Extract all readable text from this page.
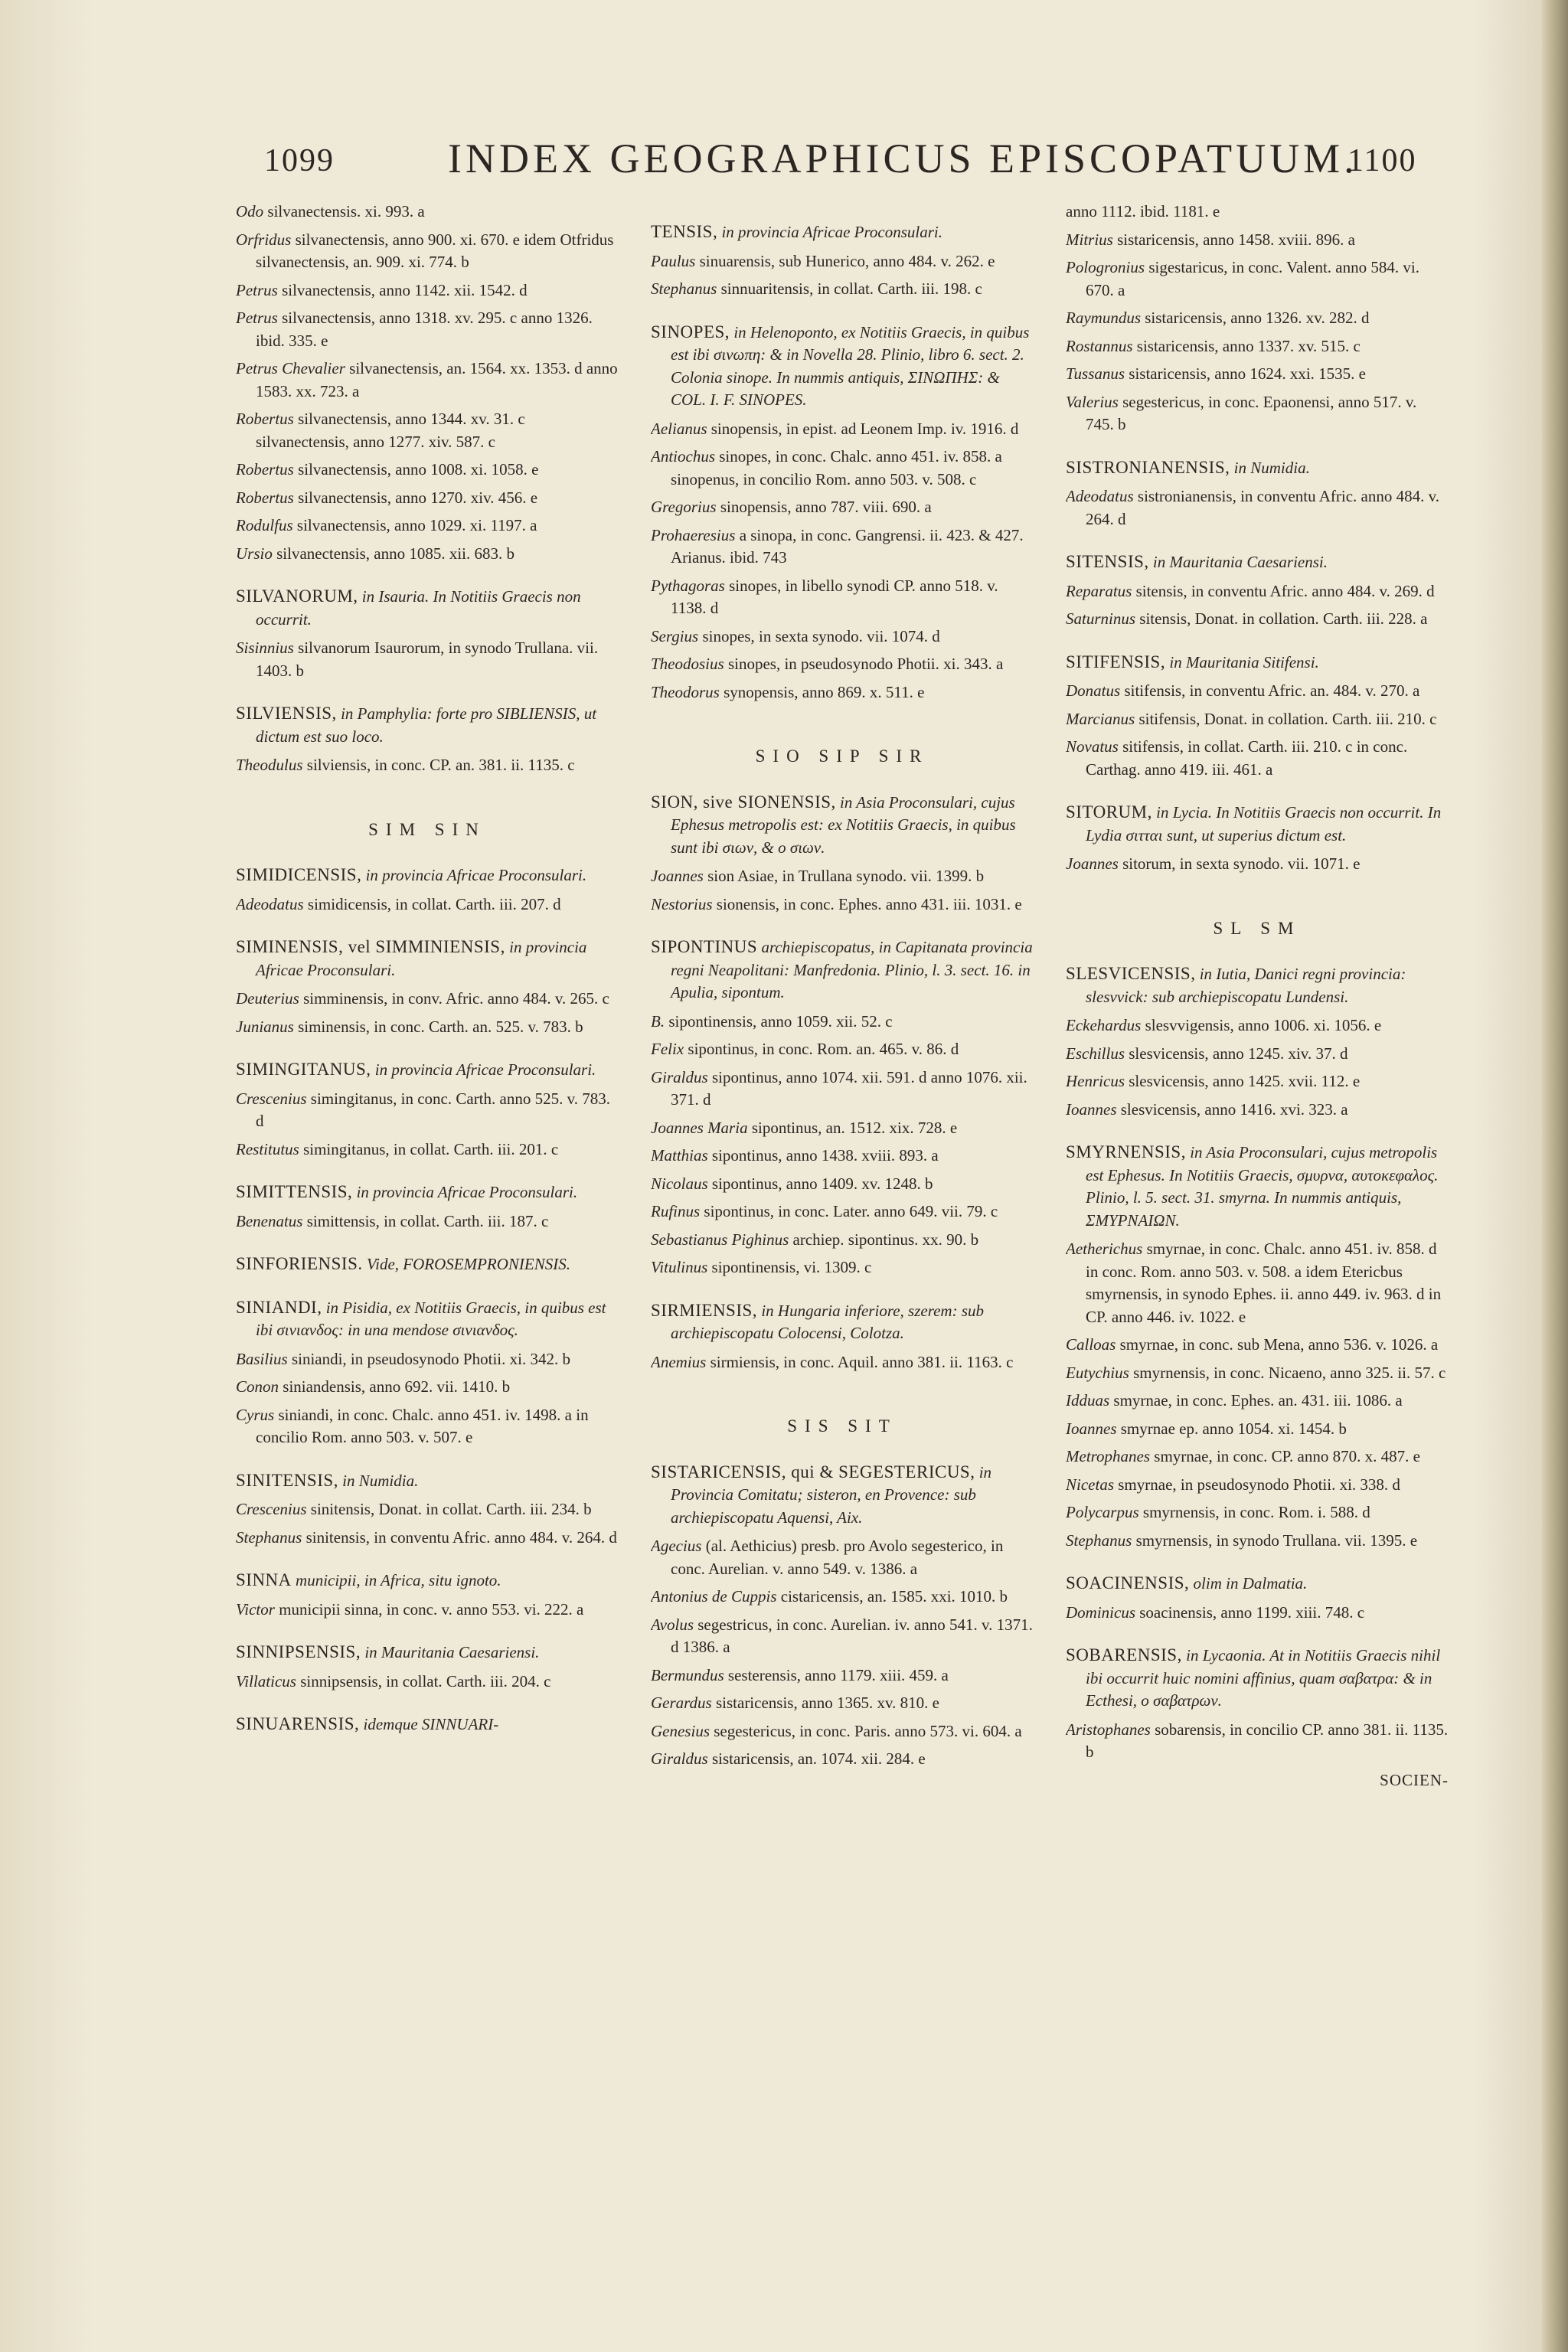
1099	INDEX GEOGRAPHICUS EPISCOPATUUM.
1100
Odo silvanectensis. xi. 993. a
Orfridus silvanectensis, anno 900. xi. 670. e idem Otfridus silvanectensis, an. 909. xi. 774. b
Petrus silvanectensis, anno 1142. xii. 1542. d
Petrus silvanectensis, anno 1318. xv. 295. c anno 1326. ibid. 335. e
Petrus Chevalier silvanectensis, an. 1564. xx. 1353. d anno 1583. xx. 723. a
Robertus silvanectensis, anno 1344. xv. 31. c silvanectensis, anno 1277. xiv. 587. c
Robertus silvanectensis, anno 1008. xi. 1058. e
Robertus silvanectensis, anno 1270. xiv. 456. e
Rodulfus silvanectensis, anno 1029. xi. 1197. a
Ursio silvanectensis, anno 1085. xii. 683. b
SILVANORUM, in Isauria. In Notitiis Graecis non occurrit.
Sisinnius silvanorum Isaurorum, in synodo Trullana. vii. 1403. b
SILVIENSIS, in Pamphylia: forte pro SIBLIENSIS, ut dictum est suo loco.
Theodulus silviensis, in conc. CP. an. 381. ii. 1135. c
SIM SIN
SIMIDICENSIS, in provincia Africae Proconsulari.
Adeodatus simidicensis, in collat. Carth. iii. 207. d
SIMINENSIS, vel SIMMINIENSIS, in provincia Africae Proconsulari.
Deuterius simminensis, in conv. Afric. anno 484. v. 265. c
Junianus siminensis, in conc. Carth. an. 525. v. 783. b
SIMINGITANUS, in provincia Africae Proconsulari.
Crescenius simingitanus, in conc. Carth. anno 525. v. 783. d
Restitutus simingitanus, in collat. Carth. iii. 201. c
SIMITTENSIS, in provincia Africae Proconsulari.
Benenatus simittensis, in collat. Carth. iii. 187. c
SINFORIENSIS. Vide, FOROSEMPRONIENSIS.
SINIANDI, in Pisidia, ex Notitiis Graecis, in quibus est ibi σινιανδος: in una mendose σινιανδος.
Basilius siniandi, in pseudosynodo Photii. xi. 342. b
Conon siniandensis, anno 692. vii. 1410. b
Cyrus siniandi, in conc. Chalc. anno 451. iv. 1498. a in concilio Rom. anno 503. v. 507. e
SINITENSIS, in Numidia.
Crescenius sinitensis, Donat. in collat. Carth. iii. 234. b
Stephanus sinitensis, in conventu Afric. anno 484. v. 264. d
SINNA municipii, in Africa, situ ignoto.
Victor municipii sinna, in conc. v. anno 553. vi. 222. a
SINNIPSENSIS, in Mauritania Caesariensi.
Villaticus sinnipsensis, in collat. Carth. iii. 204. c
SINUARENSIS, idemque SINNUARI-
TENSIS, in provincia Africae Proconsulari.
Paulus sinuarensis, sub Hunerico, anno 484. v. 262. e
Stephanus sinnuaritensis, in collat. Carth. iii. 198. c
SINOPES, in Helenoponto, ex Notitiis Graecis, in quibus est ibi σινωπη: & in Novella 28. Plinio, libro 6. sect. 2. Colonia sinope. In nummis antiquis, ΣΙΝΩΠΗΣ: & COL. I. F. SINOPES.
Aelianus sinopensis, in epist. ad Leonem Imp. iv. 1916. d
Antiochus sinopes, in conc. Chalc. anno 451. iv. 858. a sinopenus, in concilio Rom. anno 503. v. 508. c
Gregorius sinopensis, anno 787. viii. 690. a
Prohaeresius a sinopa, in conc. Gangrensi. ii. 423. & 427. Arianus. ibid. 743
Pythagoras sinopes, in libello synodi CP. anno 518. v. 1138. d
Sergius sinopes, in sexta synodo. vii. 1074. d
Theodosius sinopes, in pseudosynodo Photii. xi. 343. a
Theodorus synopensis, anno 869. x. 511. e
SIO SIP SIR
SION, sive SIONENSIS, in Asia Proconsulari, cujus Ephesus metropolis est: ex Notitiis Graecis, in quibus sunt ibi σιων, & ο σιων.
Joannes sion Asiae, in Trullana synodo. vii. 1399. b
Nestorius sionensis, in conc. Ephes. anno 431. iii. 1031. e
SIPONTINUS archiepiscopatus, in Capitanata provincia regni Neapolitani: Manfredonia. Plinio, l. 3. sect. 16. in Apulia, sipontum.
B. sipontinensis, anno 1059. xii. 52. c
Felix sipontinus, in conc. Rom. an. 465. v. 86. d
Giraldus sipontinus, anno 1074. xii. 591. d anno 1076. xii. 371. d
Joannes Maria sipontinus, an. 1512. xix. 728. e
Matthias sipontinus, anno 1438. xviii. 893. a
Nicolaus sipontinus, anno 1409. xv. 1248. b
Rufinus sipontinus, in conc. Later. anno 649. vii. 79. c
Sebastianus Pighinus archiep. sipontinus. xx. 90. b
Vitulinus sipontinensis, vi. 1309. c
SIRMIENSIS, in Hungaria inferiore, szerem: sub archiepiscopatu Colocensi, Colotza.
Anemius sirmiensis, in conc. Aquil. anno 381. ii. 1163. c
SIS SIT
SISTARICENSIS, qui & SEGESTERICUS, in Provincia Comitatu; sisteron, en Provence: sub archiepiscopatu Aquensi, Aix.
Agecius (al. Aethicius) presb. pro Avolo segesterico, in conc. Aurelian. v. anno 549. v. 1386. a
Antonius de Cuppis cistaricensis, an. 1585. xxi. 1010. b
Avolus segestricus, in conc. Aurelian. iv. anno 541. v. 1371. d 1386. a
Bermundus sesterensis, anno 1179. xiii. 459. a
Gerardus sistaricensis, anno 1365. xv. 810. e
Genesius segestericus, in conc. Paris. anno 573. vi. 604. a
Giraldus sistaricensis, an. 1074. xii. 284. e
anno 1112. ibid. 1181. e
Mitrius sistaricensis, anno 1458. xviii. 896. a
Pologronius sigestaricus, in conc. Valent. anno 584. vi. 670. a
Raymundus sistaricensis, anno 1326. xv. 282. d
Rostannus sistaricensis, anno 1337. xv. 515. c
Tussanus sistaricensis, anno 1624. xxi. 1535. e
Valerius segestericus, in conc. Epaonensi, anno 517. v. 745. b
SISTRONIANENSIS, in Numidia.
Adeodatus sistronianensis, in conventu Afric. anno 484. v. 264. d
SITENSIS, in Mauritania Caesariensi.
Reparatus sitensis, in conventu Afric. anno 484. v. 269. d
Saturninus sitensis, Donat. in collation. Carth. iii. 228. a
SITIFENSIS, in Mauritania Sitifensi.
Donatus sitifensis, in conventu Afric. an. 484. v. 270. a
Marcianus sitifensis, Donat. in collation. Carth. iii. 210. c
Novatus sitifensis, in collat. Carth. iii. 210. c in conc. Carthag. anno 419. iii. 461. a
SITORUM, in Lycia. In Notitiis Graecis non occurrit. In Lydia σιτται sunt, ut superius dictum est.
Joannes sitorum, in sexta synodo. vii. 1071. e
SL SM
SLESVICENSIS, in Iutia, Danici regni provincia: slesvvick: sub archiepiscopatu Lundensi.
Eckehardus slesvvigensis, anno 1006. xi. 1056. e
Eschillus slesvicensis, anno 1245. xiv. 37. d
Henricus slesvicensis, anno 1425. xvii. 112. e
Ioannes slesvicensis, anno 1416. xvi. 323. a
SMYRNENSIS, in Asia Proconsulari, cujus metropolis est Ephesus. In Notitiis Graecis, σμυρνα, αυτοκεφαλος. Plinio, l. 5. sect. 31. smyrna. In nummis antiquis, ΣΜΥΡΝΑΙΩΝ.
Aetherichus smyrnae, in conc. Chalc. anno 451. iv. 858. d in conc. Rom. anno 503. v. 508. a idem Etericbus smyrnensis, in synodo Ephes. ii. anno 449. iv. 963. d in CP. anno 446. iv. 1022. e
Calloas smyrnae, in conc. sub Mena, anno 536. v. 1026. a
Eutychius smyrnensis, in conc. Nicaeno, anno 325. ii. 57. c
Idduas smyrnae, in conc. Ephes. an. 431. iii. 1086. a
Ioannes smyrnae ep. anno 1054. xi. 1454. b
Metrophanes smyrnae, in conc. CP. anno 870. x. 487. e
Nicetas smyrnae, in pseudosynodo Photii. xi. 338. d
Polycarpus smyrnensis, in conc. Rom. i. 588. d
Stephanus smyrnensis, in synodo Trullana. vii. 1395. e
SOACINENSIS, olim in Dalmatia.
Dominicus soacinensis, anno 1199. xiii. 748. c
SOBARENSIS, in Lycaonia. At in Notitiis Graecis nihil ibi occurrit huic nomini affinius, quam σαβατρα: & in Ecthesi, ο σαβατρων.
Aristophanes sobarensis, in concilio CP. anno 381. ii. 1135. b
SOCIEN-
